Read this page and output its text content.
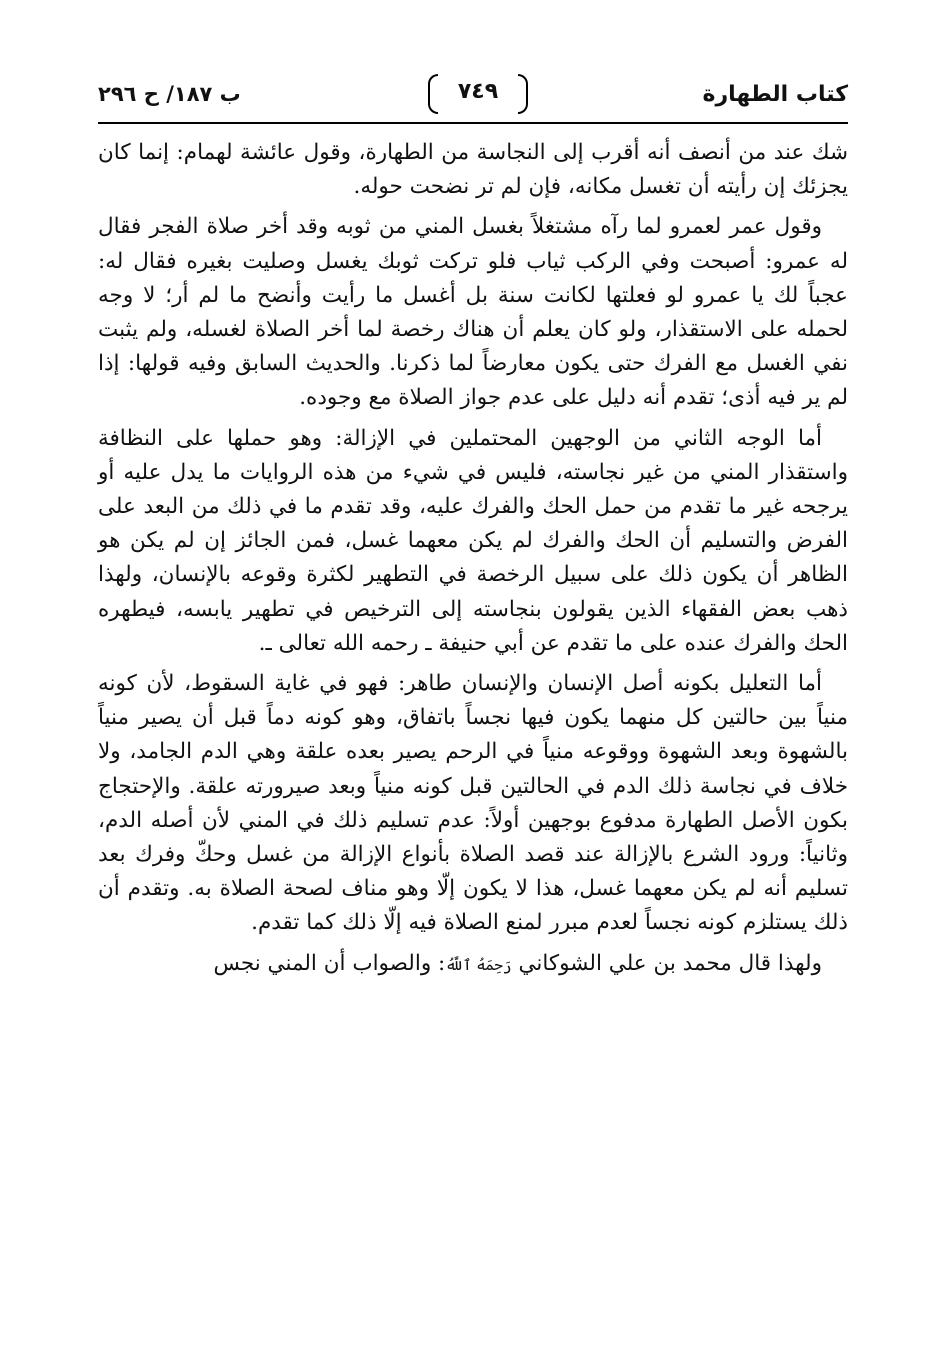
كتاب الطهارة
٧٤٩
ب ١٨٧/ ح ٢٩٦

شك عند من أنصف أنه أقرب إلى النجاسة من الطهارة، وقول عائشة لهمام: إنما كان يجزئك إن رأيته أن تغسل مكانه، فإن لم تر نضحت حوله.

وقول عمر لعمرو لما رآه مشتغلاً بغسل المني من ثوبه وقد أخر صلاة الفجر فقال له عمرو: أصبحت وفي الركب ثياب فلو تركت ثوبك يغسل وصليت بغيره فقال له: عجباً لك يا عمرو لو فعلتها لكانت سنة بل أغسل ما رأيت وأنضح ما لم أر؛ لا وجه لحمله على الاستقذار، ولو كان يعلم أن هناك رخصة لما أخر الصلاة لغسله، ولم يثبت نفي الغسل مع الفرك حتى يكون معارضاً لما ذكرنا. والحديث السابق وفيه قولها: إذا لم ير فيه أذى؛ تقدم أنه دليل على عدم جواز الصلاة مع وجوده.

أما الوجه الثاني من الوجهين المحتملين في الإزالة: وهو حملها على النظافة واستقذار المني من غير نجاسته، فليس في شيء من هذه الروايات ما يدل عليه أو يرجحه غير ما تقدم من حمل الحك والفرك عليه، وقد تقدم ما في ذلك من البعد على الفرض والتسليم أن الحك والفرك لم يكن معهما غسل، فمن الجائز إن لم يكن هو الظاهر أن يكون ذلك على سبيل الرخصة في التطهير لكثرة وقوعه بالإنسان، ولهذا ذهب بعض الفقهاء الذين يقولون بنجاسته إلى الترخيص في تطهير يابسه، فيطهره الحك والفرك عنده على ما تقدم عن أبي حنيفة ـ رحمه الله تعالى ـ.

أما التعليل بكونه أصل الإنسان والإنسان طاهر: فهو في غاية السقوط، لأن كونه منياً بين حالتين كل منهما يكون فيها نجساً باتفاق، وهو كونه دماً قبل أن يصير منياً بالشهوة وبعد الشهوة ووقوعه منياً في الرحم يصير بعده علقة وهي الدم الجامد، ولا خلاف في نجاسة ذلك الدم في الحالتين قبل كونه منياً وبعد صيرورته علقة. والإحتجاج بكون الأصل الطهارة مدفوع بوجهين أولاً: عدم تسليم ذلك في المني لأن أصله الدم، وثانياً: ورود الشرع بالإزالة عند قصد الصلاة بأنواع الإزالة من غسل وحكّ وفرك بعد تسليم أنه لم يكن معهما غسل، هذا لا يكون إلّا وهو مناف لصحة الصلاة به. وتقدم أن ذلك يستلزم كونه نجساً لعدم مبرر لمنع الصلاة فيه إلّا ذلك كما تقدم.

ولهذا قال محمد بن علي الشوكاني رَحِمَهُ ٱللَّهُ: والصواب أن المني نجس
